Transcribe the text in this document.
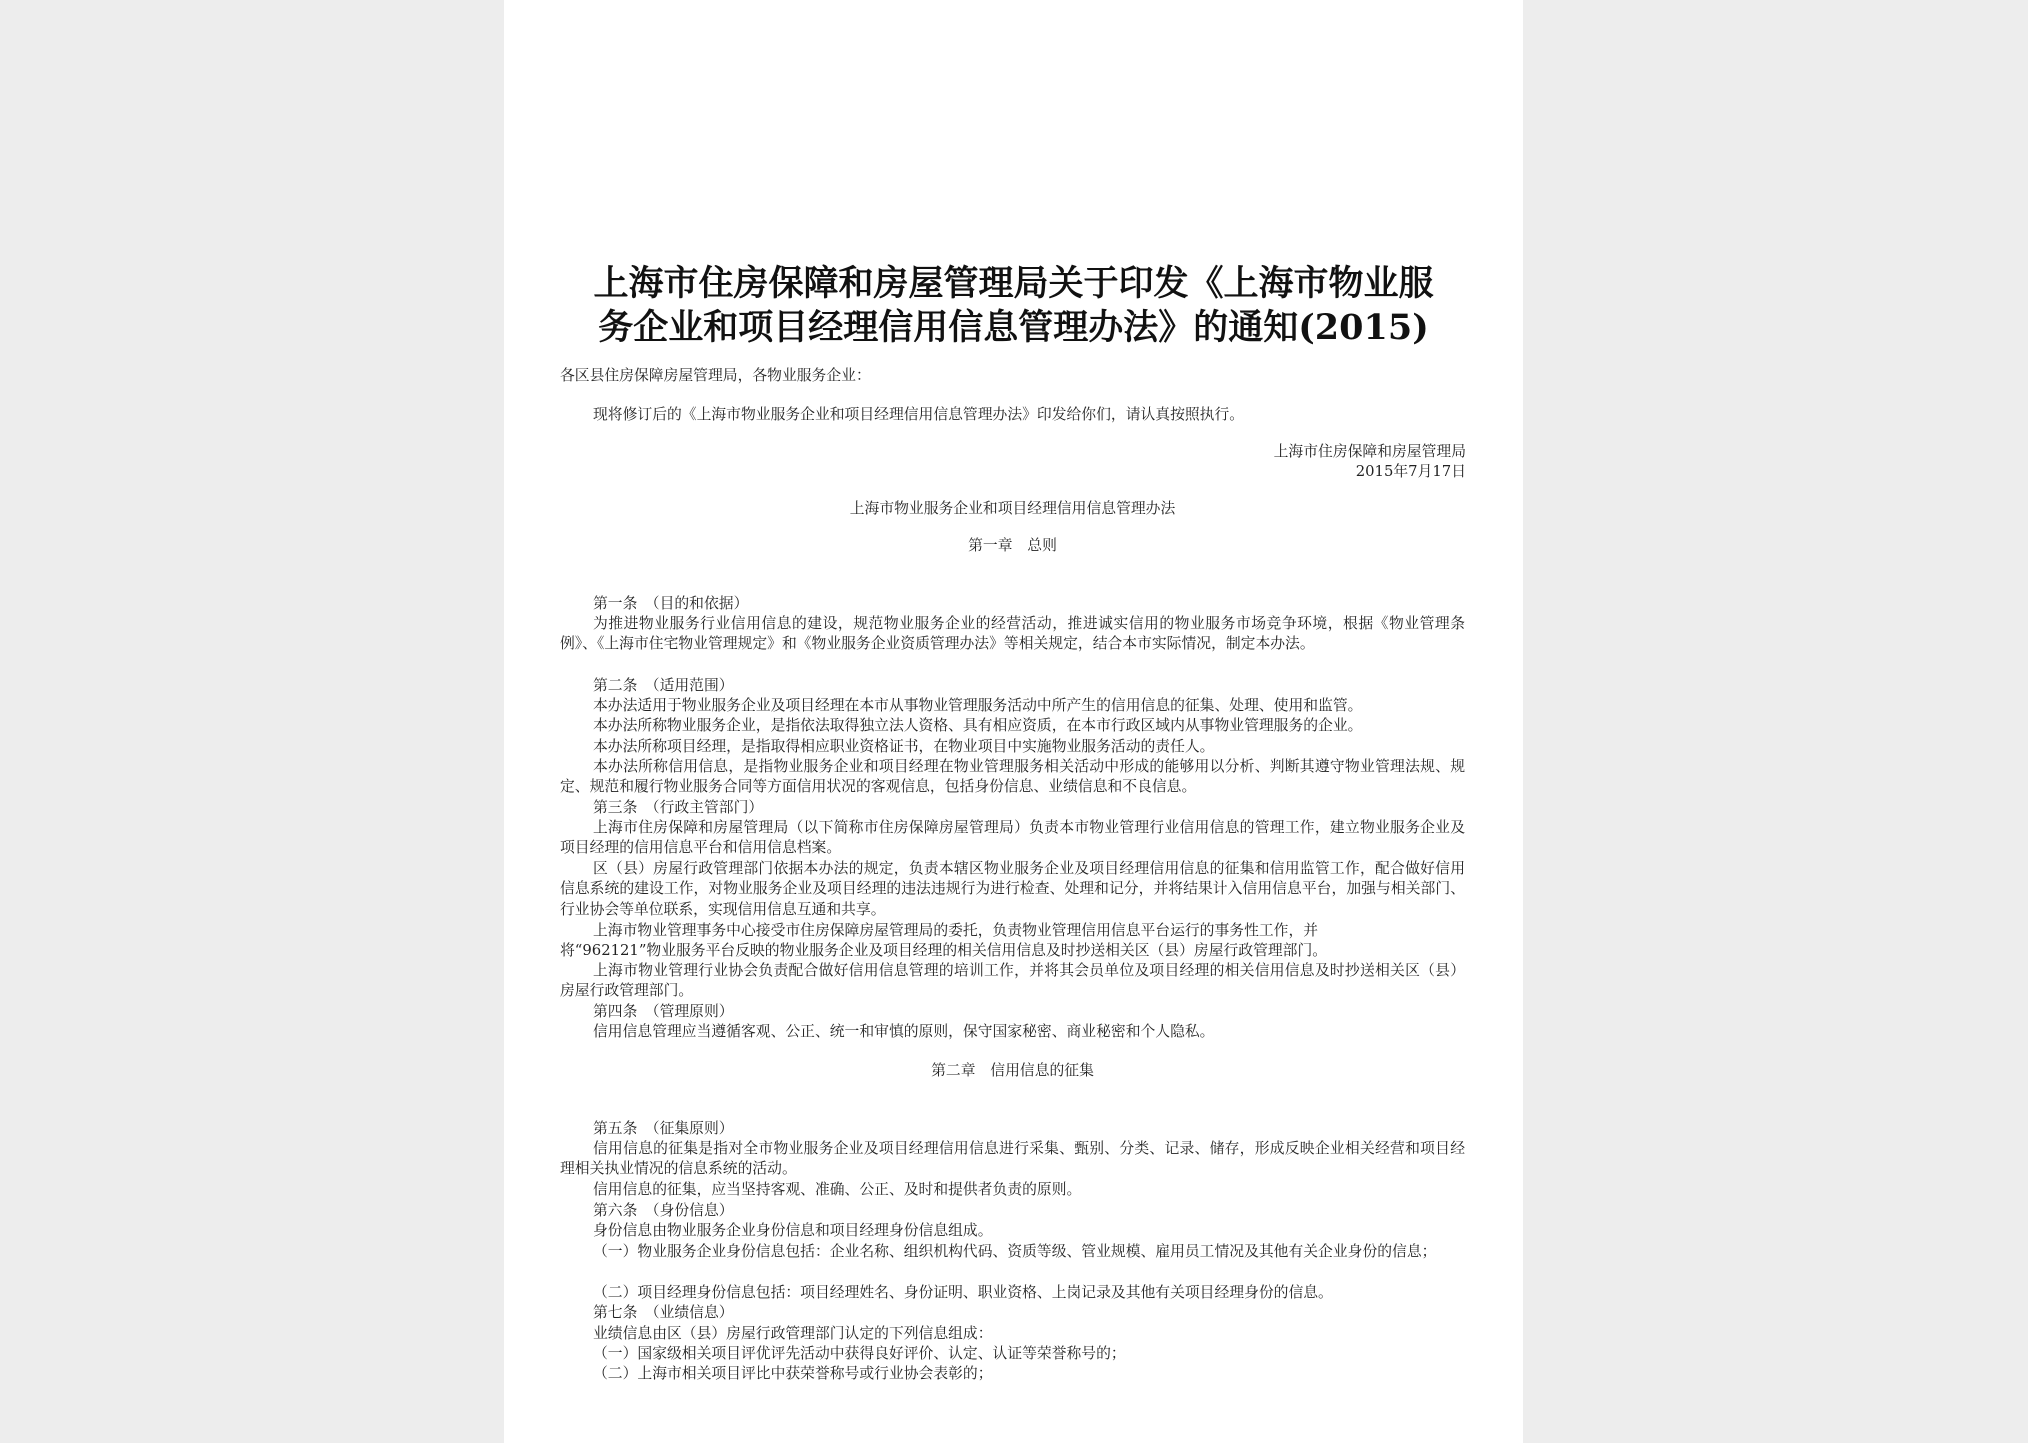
上海市住房保障和房屋管理局关于印发《上海市物业服
务企业和项目经理信用信息管理办法》的通知(2015)
各区县住房保障房屋管理局，各物业服务企业：
现将修订后的《上海市物业服务企业和项目经理信用信息管理办法》印发给你们，请认真按照执行。
上海市住房保障和房屋管理局
2015年7月17日
上海市物业服务企业和项目经理信用信息管理办法
第一章　总则
第一条　（目的和依据）
为推进物业服务行业信用信息的建设，规范物业服务企业的经营活动，推进诚实信用的物业服务市场竞争环境，根据《物业管理条例》、《上海市住宅物业管理规定》和《物业服务企业资质管理办法》等相关规定，结合本市实际情况，制定本办法。
第二条　（适用范围）
本办法适用于物业服务企业及项目经理在本市从事物业管理服务活动中所产生的信用信息的征集、处理、使用和监管。
本办法所称物业服务企业，是指依法取得独立法人资格、具有相应资质，在本市行政区域内从事物业管理服务的企业。
本办法所称项目经理，是指取得相应职业资格证书，在物业项目中实施物业服务活动的责任人。
本办法所称信用信息，是指物业服务企业和项目经理在物业管理服务相关活动中形成的能够用以分析、判断其遵守物业管理法规、规定、规范和履行物业服务合同等方面信用状况的客观信息，包括身份信息、业绩信息和不良信息。
第三条　（行政主管部门）
上海市住房保障和房屋管理局（以下简称市住房保障房屋管理局）负责本市物业管理行业信用信息的管理工作，建立物业服务企业及项目经理的信用信息平台和信用信息档案。
区（县）房屋行政管理部门依据本办法的规定，负责本辖区物业服务企业及项目经理信用信息的征集和信用监管工作，配合做好信用信息系统的建设工作，对物业服务企业及项目经理的违法违规行为进行检查、处理和记分，并将结果计入信用信息平台，加强与相关部门、行业协会等单位联系，实现信用信息互通和共享。
上海市物业管理事务中心接受市住房保障房屋管理局的委托，负责物业管理信用信息平台运行的事务性工作，并
将“962121”物业服务平台反映的物业服务企业及项目经理的相关信用信息及时抄送相关区（县）房屋行政管理部门。
上海市物业管理行业协会负责配合做好信用信息管理的培训工作，并将其会员单位及项目经理的相关信用信息及时抄送相关区（县）房屋行政管理部门。
第四条　（管理原则）
信用信息管理应当遵循客观、公正、统一和审慎的原则，保守国家秘密、商业秘密和个人隐私。
第二章　信用信息的征集
第五条　（征集原则）
信用信息的征集是指对全市物业服务企业及项目经理信用信息进行采集、甄别、分类、记录、储存，形成反映企业相关经营和项目经理相关执业情况的信息系统的活动。
信用信息的征集，应当坚持客观、准确、公正、及时和提供者负责的原则。
第六条　（身份信息）
身份信息由物业服务企业身份信息和项目经理身份信息组成。
（一）物业服务企业身份信息包括：企业名称、组织机构代码、资质等级、管业规模、雇用员工情况及其他有关企业身份的信息；
（二）项目经理身份信息包括：项目经理姓名、身份证明、职业资格、上岗记录及其他有关项目经理身份的信息。
第七条　（业绩信息）
业绩信息由区（县）房屋行政管理部门认定的下列信息组成：
（一）国家级相关项目评优评先活动中获得良好评价、认定、认证等荣誉称号的；
（二）上海市相关项目评比中获荣誉称号或行业协会表彰的；
